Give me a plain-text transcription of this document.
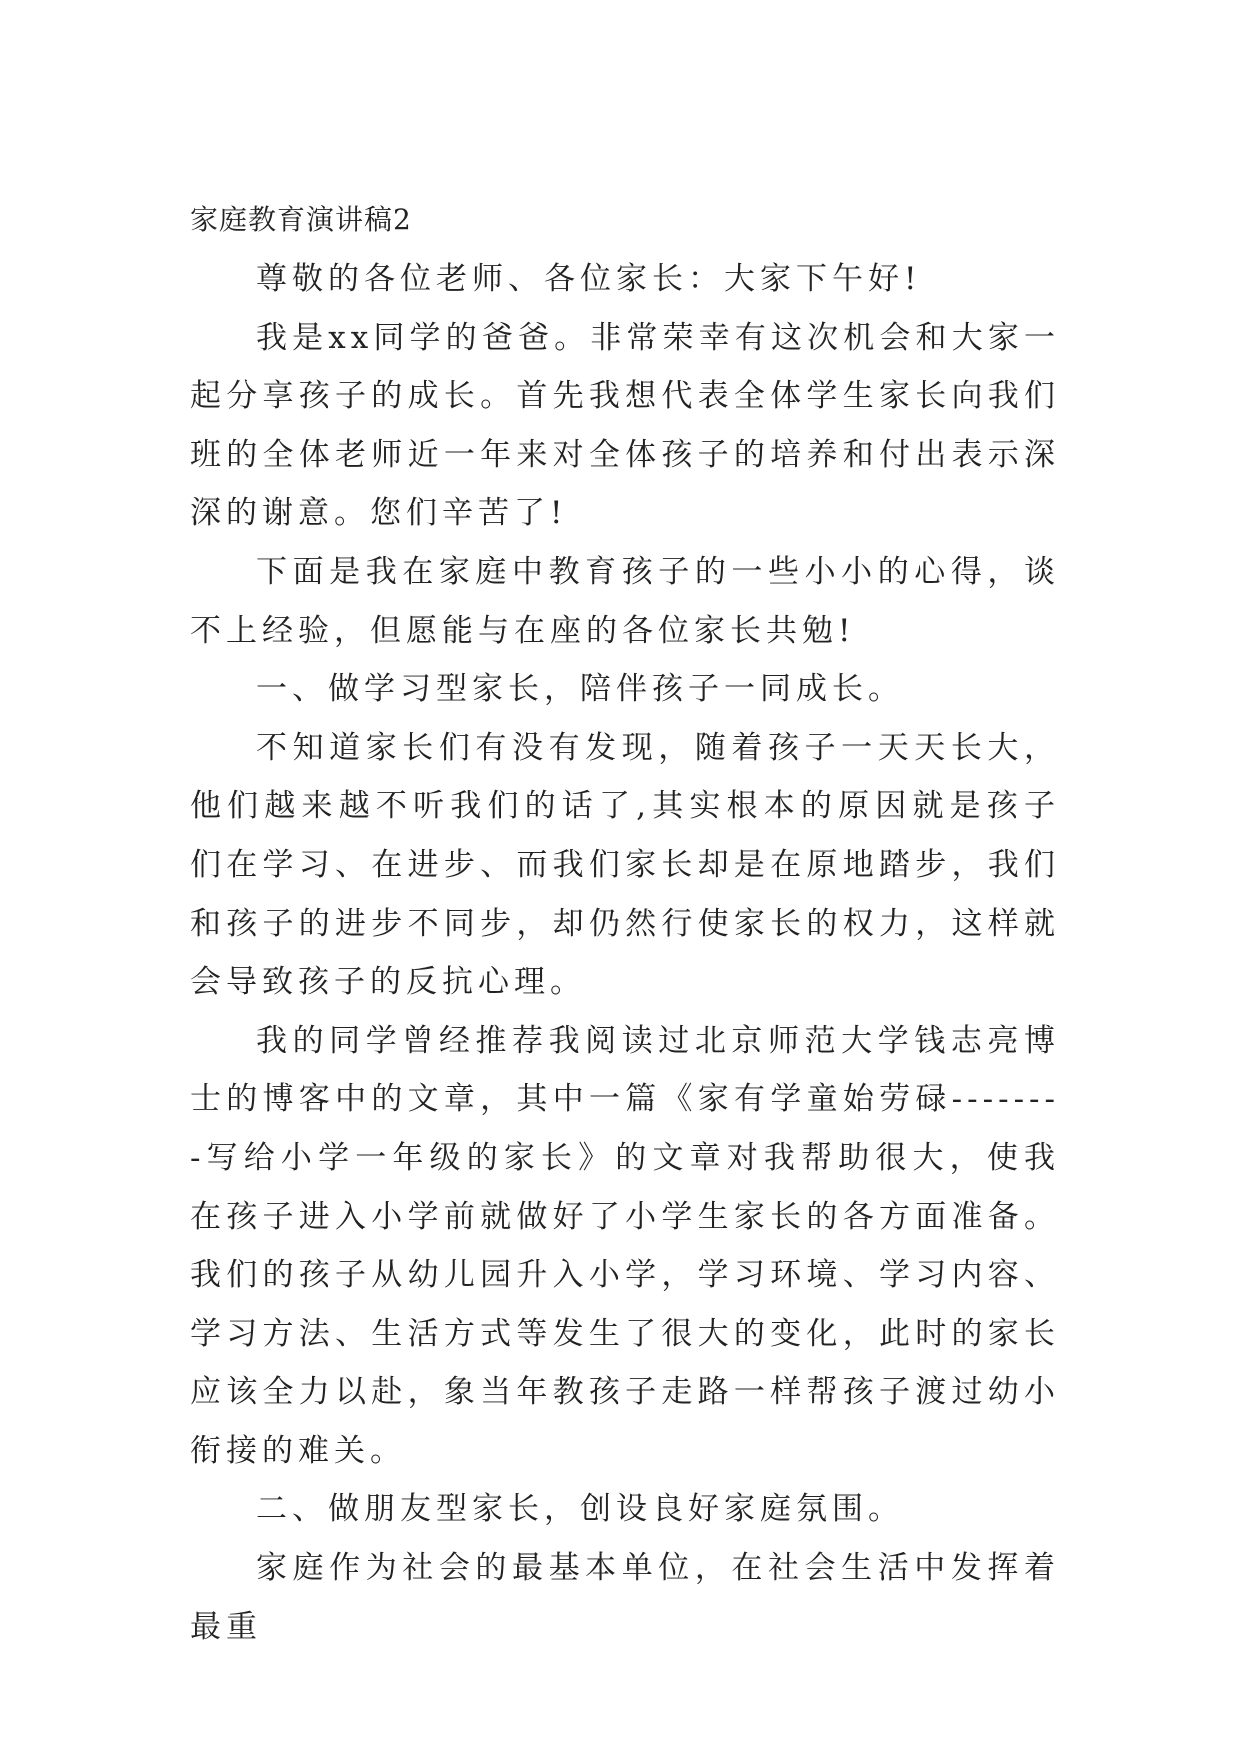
家庭教育演讲稿2

尊敬的各位老师、各位家长：大家下午好!

我是xx同学的爸爸。非常荣幸有这次机会和大家一起分享孩子的成长。首先我想代表全体学生家长向我们班的全体老师近一年来对全体孩子的培养和付出表示深深的谢意。您们辛苦了!

下面是我在家庭中教育孩子的一些小小的心得，谈不上经验，但愿能与在座的各位家长共勉!

一、做学习型家长，陪伴孩子一同成长。

不知道家长们有没有发现，随着孩子一天天长大，他们越来越不听我们的话了,其实根本的原因就是孩子们在学习、在进步、而我们家长却是在原地踏步，我们和孩子的进步不同步，却仍然行使家长的权力，这样就会导致孩子的反抗心理。

我的同学曾经推荐我阅读过北京师范大学钱志亮博士的博客中的文章，其中一篇《家有学童始劳碌--------写给小学一年级的家长》的文章对我帮助很大，使我在孩子进入小学前就做好了小学生家长的各方面准备。我们的孩子从幼儿园升入小学，学习环境、学习内容、学习方法、生活方式等发生了很大的变化，此时的家长应该全力以赴，象当年教孩子走路一样帮孩子渡过幼小衔接的难关。

二、做朋友型家长，创设良好家庭氛围。

家庭作为社会的最基本单位，在社会生活中发挥着最重
